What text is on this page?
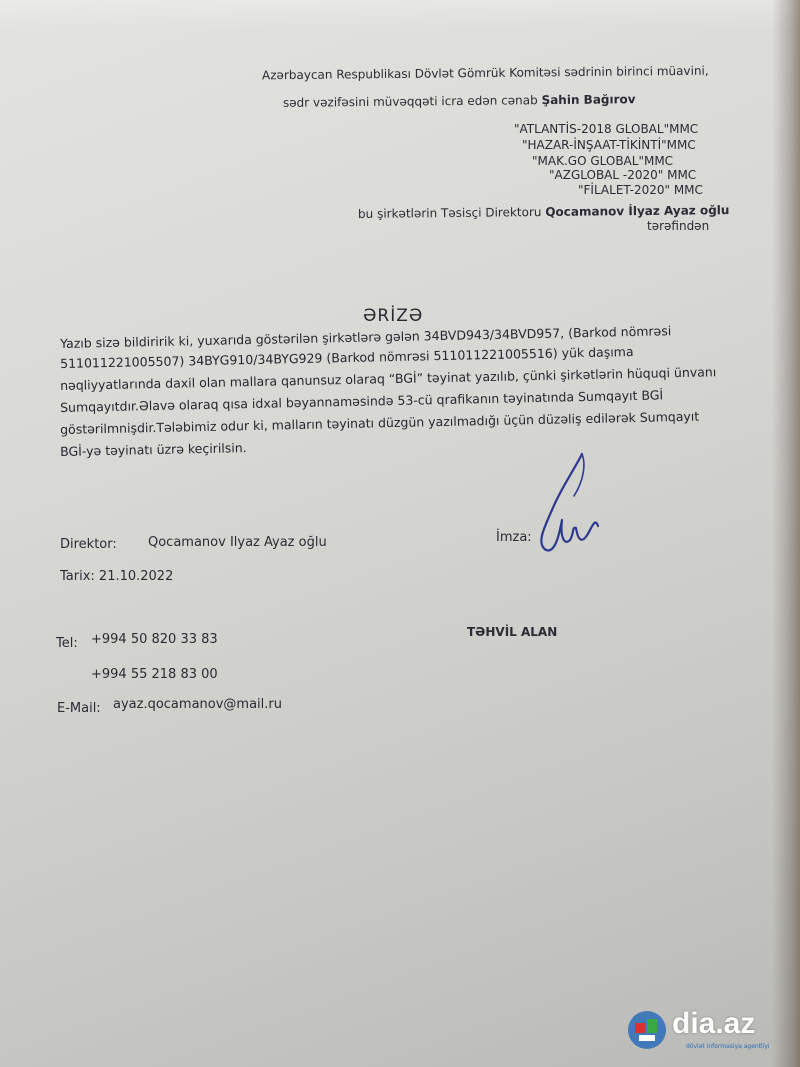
Azərbaycan Respublikası Dövlət Gömrük Komitəsi sədrinin birinci müavini,
sədr vəzifəsini müvəqqəti icra edən cənab Şahin Bağırov
"ATLANTİS-2018 GLOBAL"MMC
"HAZAR-İNŞAAT-TİKİNTİ"MMC
"MAK.GO GLOBAL"MMC
"AZGLOBAL -2020" MMC
"FİLALET-2020" MMC
bu şirkətlərin Təsisçi Direktoru Qocamanov İlyaz Ayaz oğlu
tərəfindən
ƏRİZƏ
Yazıb sizə bildiririk ki, yuxarıda göstərilən şirkətlərə gələn 34BVD943/34BVD957, (Barkod nömrəsi
511011221005507) 34BYG910/34BYG929 (Barkod nömrəsi 511011221005516) yük daşıma
nəqliyyatlarında daxil olan mallara qanunsuz olaraq “BGİ” təyinat yazılıb, çünki şirkətlərin hüquqi ünvanı
Sumqayıtdır.Əlavə olaraq qısa idxal bəyannaməsində 53-cü qrafikanın təyinatında Sumqayıt BGİ
göstərilmnişdir.Tələbimiz odur ki, malların təyinatı düzgün yazılmadığı üçün düzəliş edilərək Sumqayıt
BGİ-yə təyinatı üzrə keçirilsin.
İmza:
Direktor: Qocamanov Ilyaz Ayaz oğlu
Tarix: 21.10.2022
TƏHVİL ALAN
Tel: +994 50 820 33 83
+994 55 218 83 00
E-Mail: ayaz.qocamanov@mail.ru
dia.az
dövlət informasiya agentliyi
